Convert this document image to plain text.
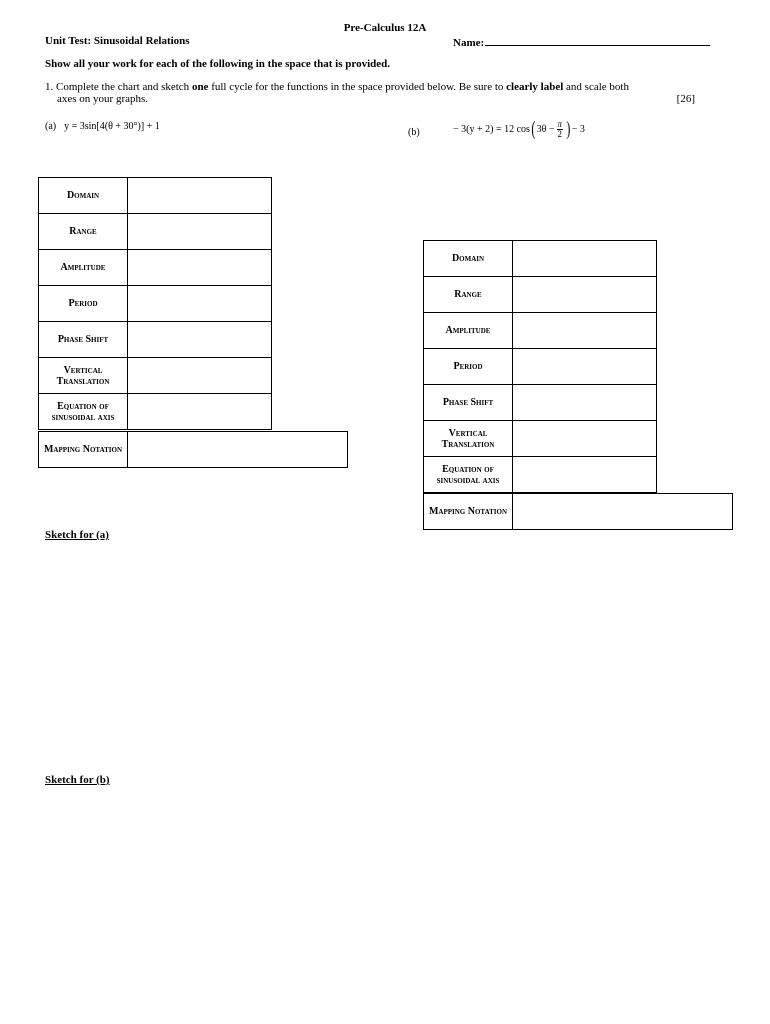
Pre-Calculus 12A
Unit Test: Sinusoidal Relations	Name:
Show all your work for each of the following in the space that is provided.
1. Complete the chart and sketch one full cycle for the functions in the space provided below. Be sure to clearly label and scale both
axes on your graphs.	[26]
(a) y = 3sin[4(θ + 30°)] + 1
(b)	− 3(y + 2) = 12 cos ( $3\theta - \frac{\pi}{2}$ ) − 3
Domain	
Range	
Amplitude	
Period	
Phase Shift	
Vertical Translation	
Equation of sinusoidal axis	
Mapping Notation	
Domain	
Range	
Amplitude	
Period	
Phase Shift	
Vertical Translation	
Equation of sinusoidal axis	
Mapping Notation	
Sketch for (a)
Sketch for (b)
